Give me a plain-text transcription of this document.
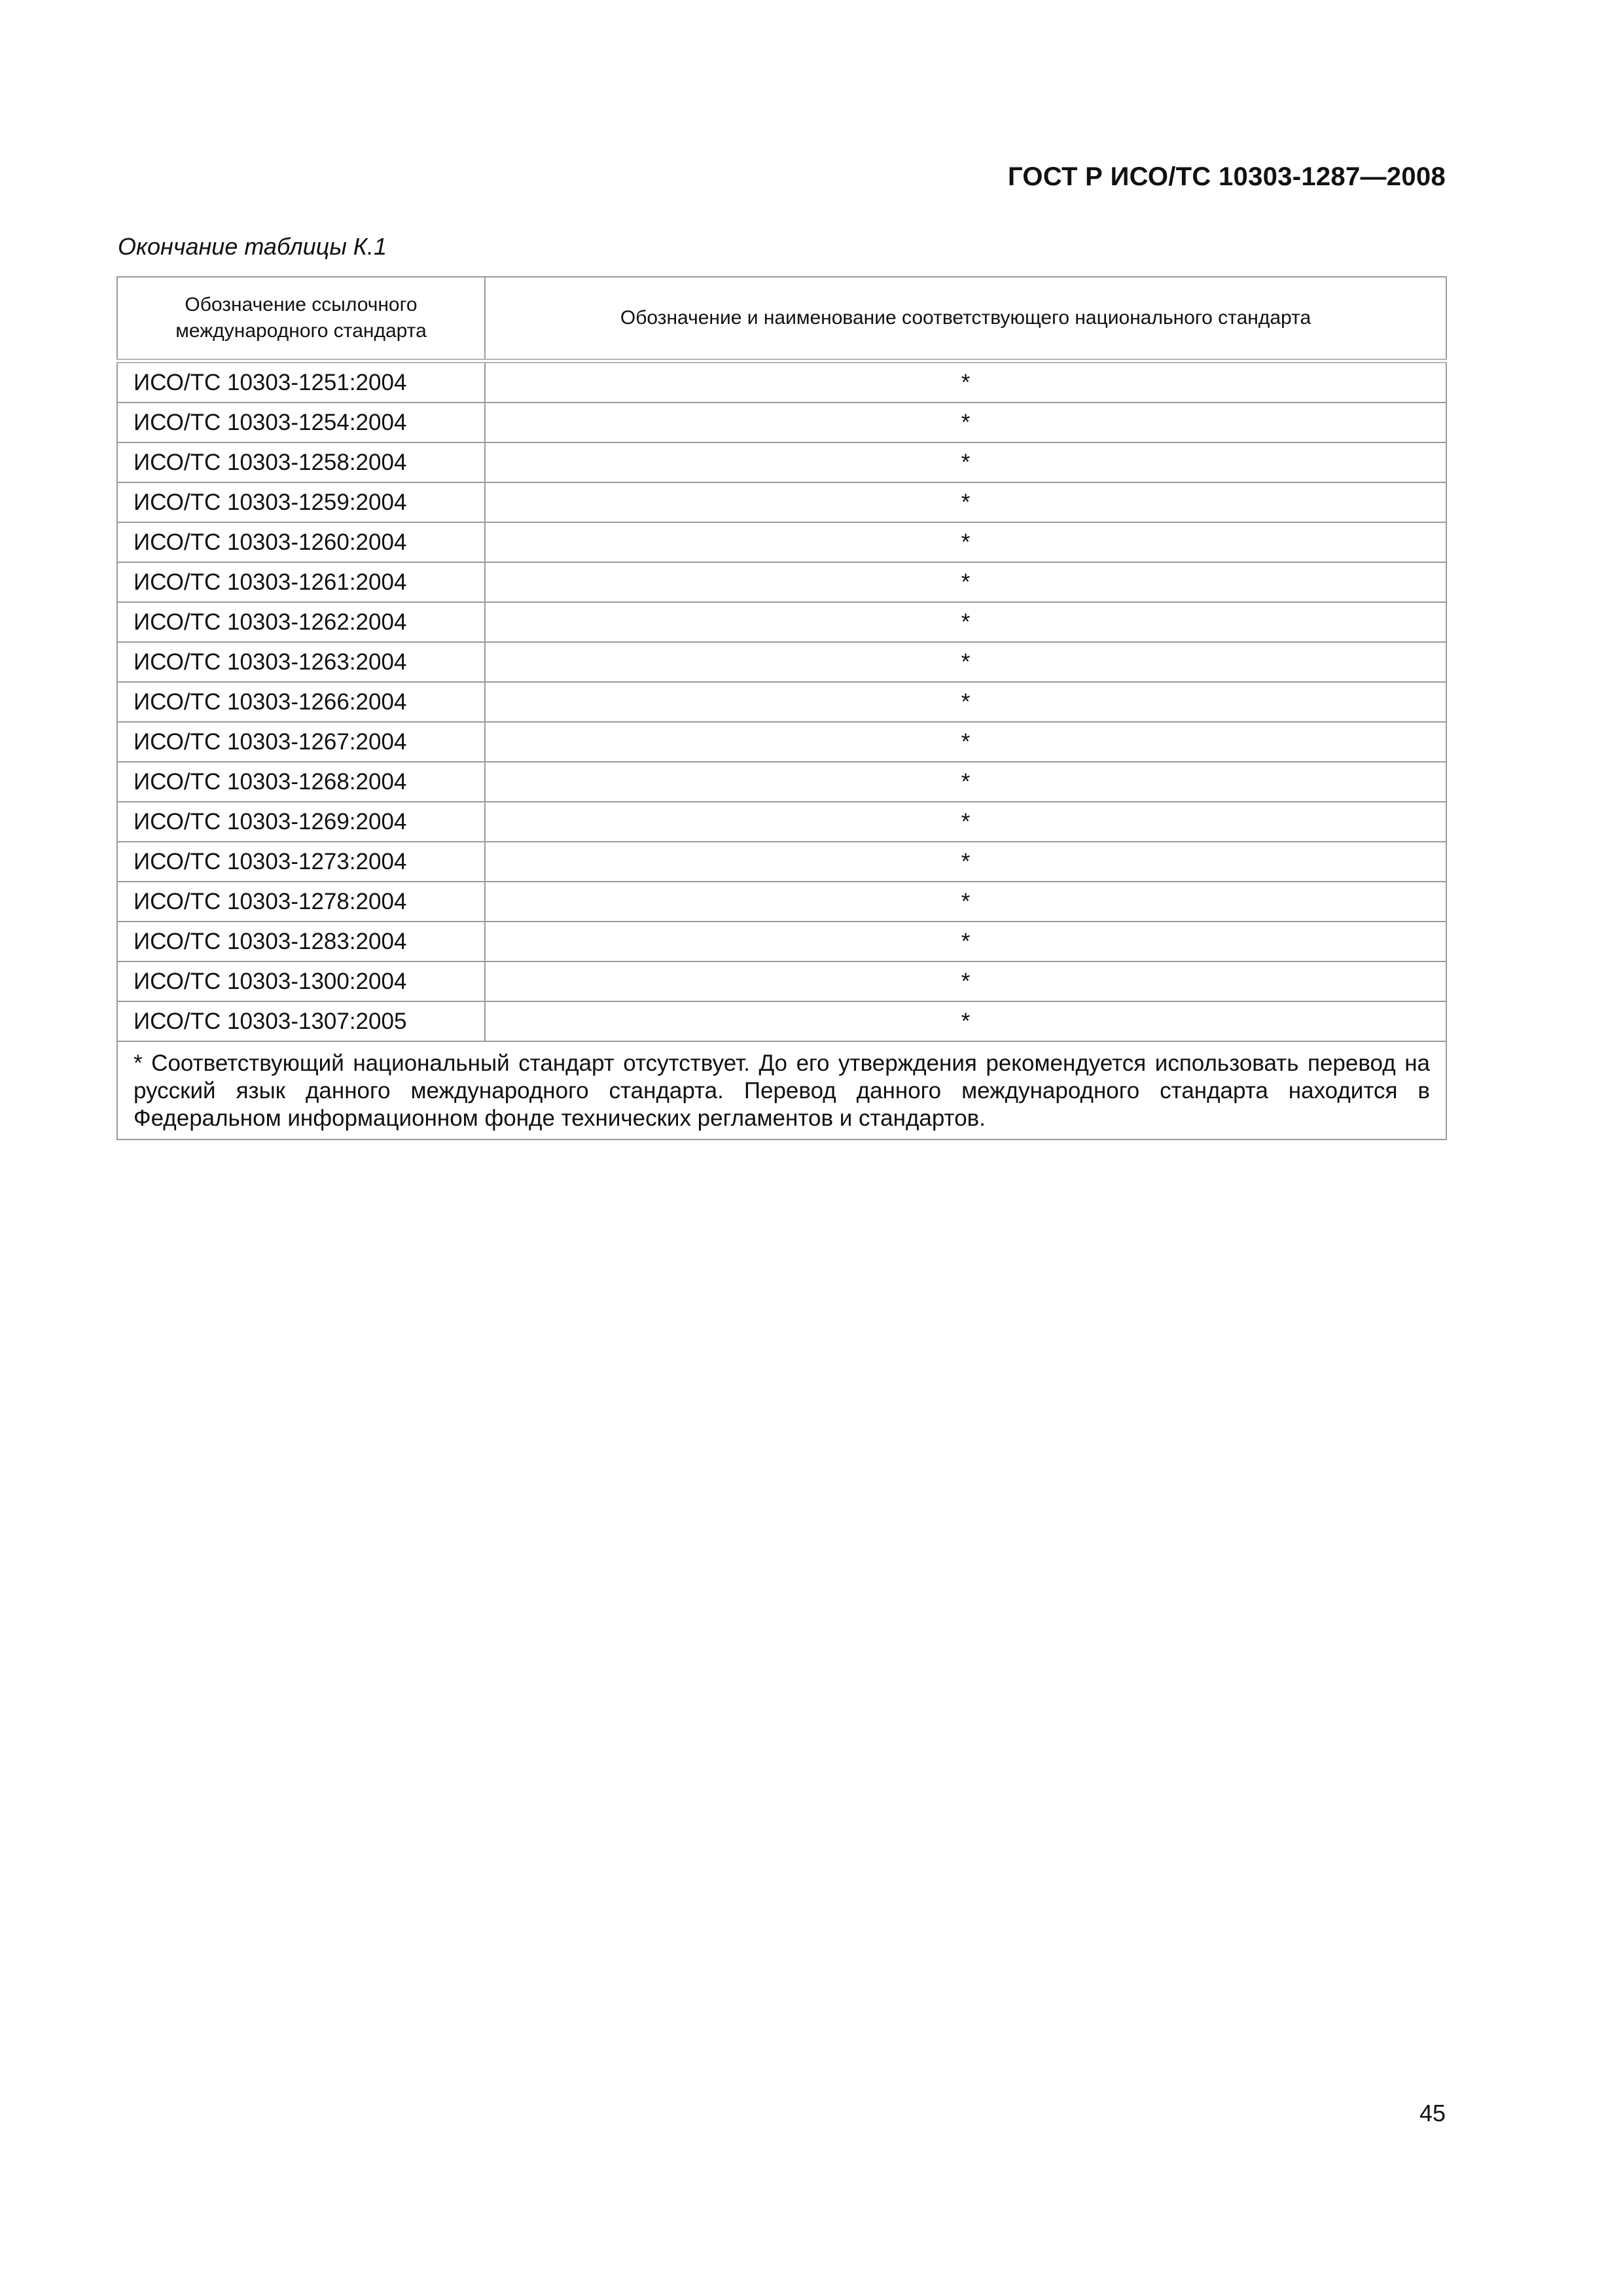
ГОСТ Р ИСО/ТС 10303-1287—2008
Окончание таблицы К.1
Обозначение ссылочного международного стандарта	Обозначение и наименование соответствующего национального стандарта
ИСО/ТС 10303-1251:2004	*
ИСО/ТС 10303-1254:2004	*
ИСО/ТС 10303-1258:2004	*
ИСО/ТС 10303-1259:2004	*
ИСО/ТС 10303-1260:2004	*
ИСО/ТС 10303-1261:2004	*
ИСО/ТС 10303-1262:2004	*
ИСО/ТС 10303-1263:2004	*
ИСО/ТС 10303-1266:2004	*
ИСО/ТС 10303-1267:2004	*
ИСО/ТС 10303-1268:2004	*
ИСО/ТС 10303-1269:2004	*
ИСО/ТС 10303-1273:2004	*
ИСО/ТС 10303-1278:2004	*
ИСО/ТС 10303-1283:2004	*
ИСО/ТС 10303-1300:2004	*
ИСО/ТС 10303-1307:2005	*
* Соответствующий национальный стандарт отсутствует. До его утверждения рекомендуется использовать перевод на русский язык данного международного стандарта. Перевод данного международного стандарта находится в Федеральном информационном фонде технических регламентов и стандартов.	
45
